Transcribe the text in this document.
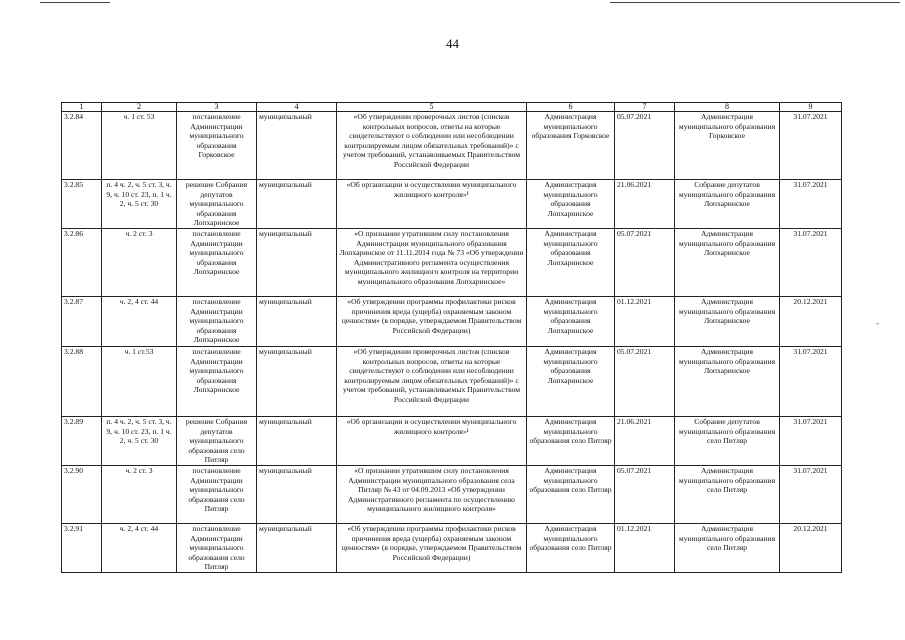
44
-
1	2	3	4	5	6	7	8	9
3.2.84	ч. 1 ст. 53	постановление Администрации муниципального образования Горковское	муниципальный	«Об утверждении проверочных листов (списков контрольных вопросов, ответы на которые свидетельствуют о соблюдении или несоблюдении контролируемым лицом обязательных требований)» с учетом требований, устанавливаемых Правительством Российской Федерации	Администрация муниципального образования Горковское	05.07.2021	Администрация муниципального образования Горковское	31.07.2021
3.2.85	п. 4 ч. 2, ч. 5 ст. 3, ч. 9, ч. 10 ст. 23, п. 1 ч. 2, ч. 5 ст. 30	решение Собрания депутатов муниципального образования Лопхаринское	муниципальный	«Об организации и осуществлении муниципального жилищного контроля»¹	Администрация муниципального образования Лопхаринское	21.06.2021	Собрание депутатов муниципального образования Лопхаринское	31.07.2021
3.2.86	ч. 2 ст. 3	постановление Администрации муниципального образования Лопхаринское	муниципальный	«О признании утратившим силу постановления Администрации муниципального образования Лопхаринское от 11.11.2014 года № 73 «Об утверждении Административного регламента осуществления муниципального жилищного контроля на территории муниципального образования Лопхаринское»	Администрация муниципального образования Лопхаринское	05.07.2021	Администрация муниципального образования Лопхаринское	31.07.2021
3.2.87	ч. 2, 4 ст. 44	постановление Администрации муниципального образования Лопхаринское	муниципальный	«Об утверждении программы профилактики рисков причинения вреда (ущерба) охраняемым законом ценностям» (в порядке, утверждаемом Правительством Российской Федерации)	Администрация муниципального образования Лопхаринское	01.12.2021	Администрация муниципального образования Лопхаринское	20.12.2021
3.2.88	ч. 1 ст.53	постановление Администрации муниципального образования Лопхаринское	муниципальный	«Об утверждении проверочных листов (списков контрольных вопросов, ответы на которые свидетельствуют о соблюдении или несоблюдении контролируемым лицом обязательных требований)» с учетом требований, устанавливаемых Правительством Российской Федерации	Администрация муниципального образования Лопхаринское	05.07.2021	Администрация муниципального образования Лопхаринское	31.07.2021
3.2.89	п. 4 ч. 2, ч. 5 ст. 3, ч. 9, ч. 10 ст. 23, п. 1 ч. 2, ч. 5 ст. 30	решение Собрания депутатов муниципального образования село Питляр	муниципальный	«Об организации и осуществлении муниципального жилищного контроля»¹	Администрация муниципального образования село Питляр	21.06.2021	Собрание депутатов муниципального образования село Питляр	31.07.2021
3.2.90	ч. 2 ст. 3	постановление Администрации муниципального образования село Питляр	муниципальный	«О признании утратившим силу постановления Администрации муниципального образования села Питляр № 43 от 04.09.2013 «Об утверждении Административного регламента по осуществлению муниципального жилищного контроля»	Администрация муниципального образования село Питляр	05.07.2021	Администрация муниципального образования село Питляр	31.07.2021
3.2.91	ч. 2, 4 ст. 44	постановление Администрации муниципального образования село Питляр	муниципальный	«Об утверждении программы профилактики рисков причинения вреда (ущерба) охраняемым законом ценностям» (в порядке, утверждаемом Правительством Российской Федерации)	Администрация муниципального образования село Питляр	01.12.2021	Администрация муниципального образования село Питляр	20.12.2021
